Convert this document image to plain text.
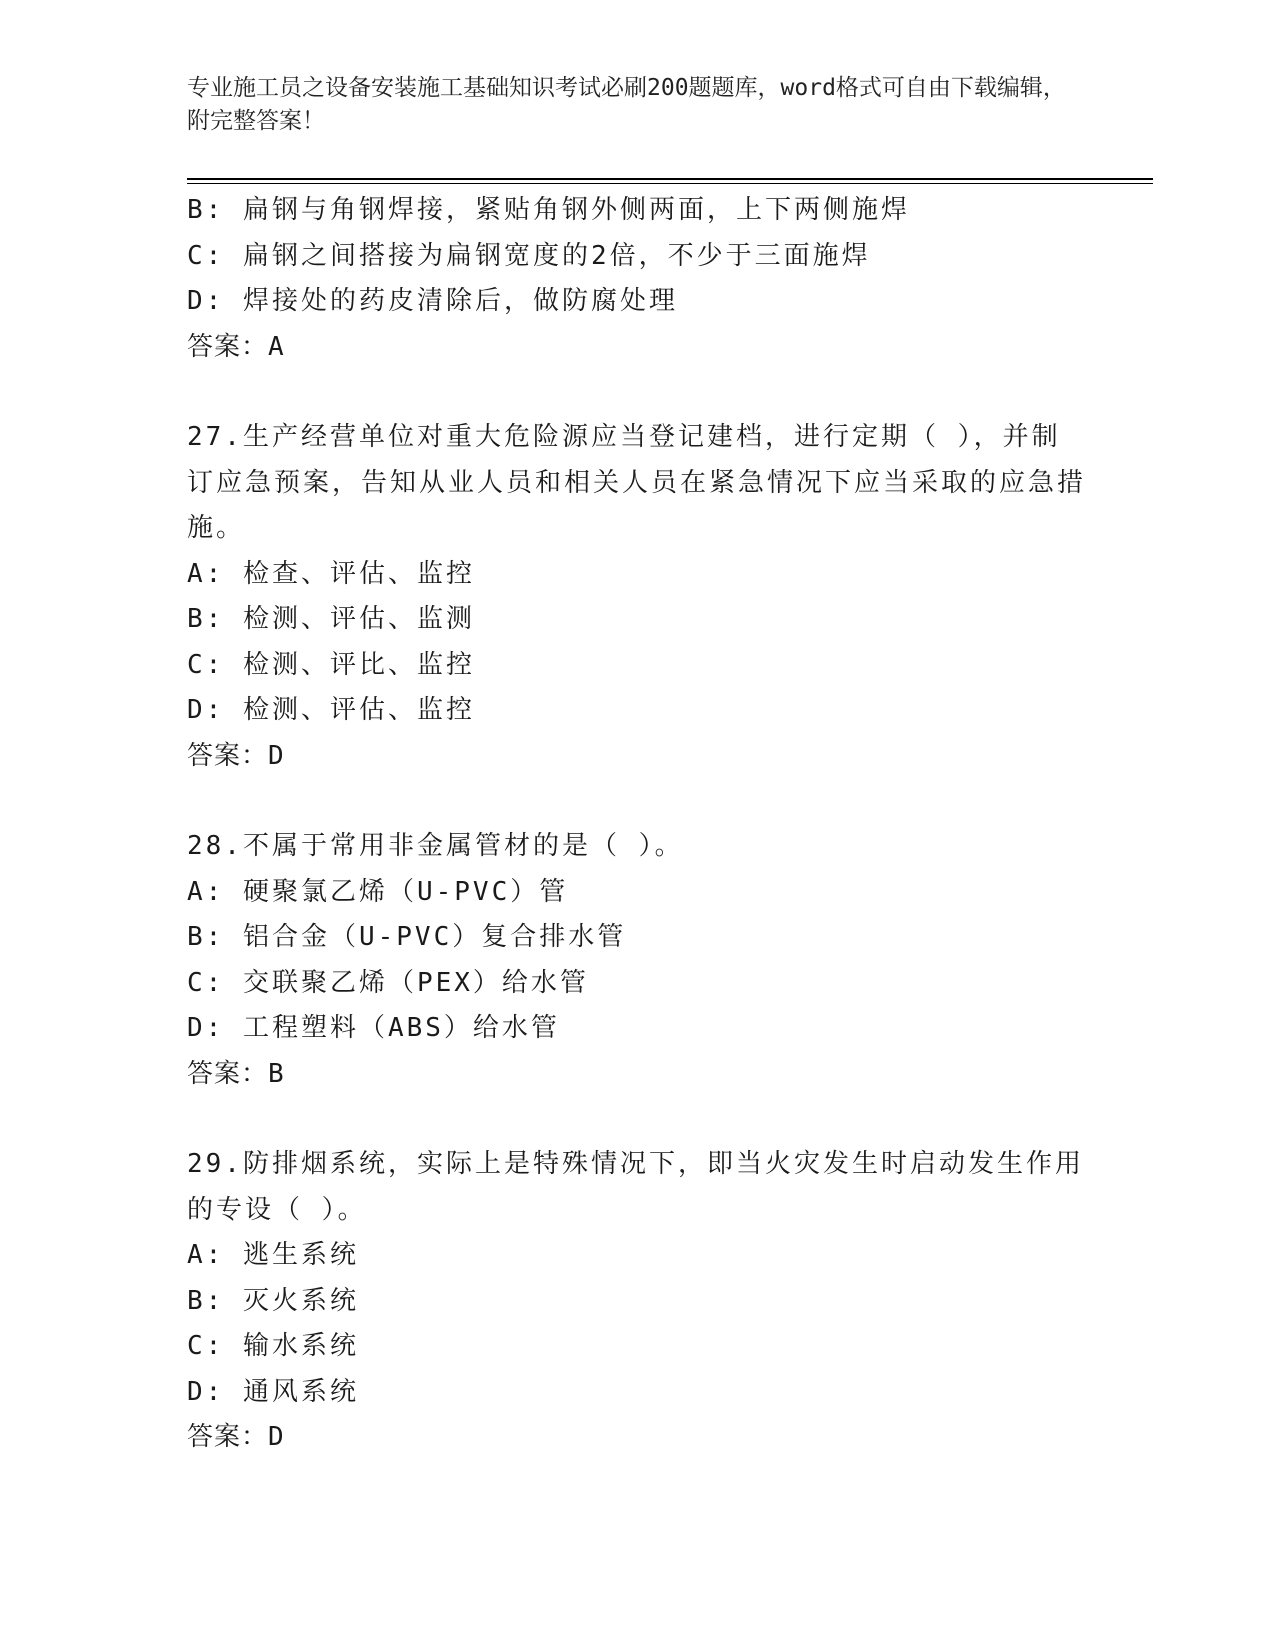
专业施工员之设备安装施工基础知识考试必刷200题题库，word格式可自由下载编辑，附完整答案！
B: 扁钢与角钢焊接，紧贴角钢外侧两面，上下两侧施焊
C: 扁钢之间搭接为扁钢宽度的2倍，不少于三面施焊
D: 焊接处的药皮清除后，做防腐处理
答案：A
27.生产经营单位对重大危险源应当登记建档，进行定期（ ），并制订应急预案，告知从业人员和相关人员在紧急情况下应当采取的应急措施。
A: 检查、评估、监控
B: 检测、评估、监测
C: 检测、评比、监控
D: 检测、评估、监控
答案：D
28.不属于常用非金属管材的是（ ）。
A: 硬聚氯乙烯（U-PVC）管
B: 铝合金（U-PVC）复合排水管
C: 交联聚乙烯（PEX）给水管
D: 工程塑料（ABS）给水管
答案：B
29.防排烟系统，实际上是特殊情况下，即当火灾发生时启动发生作用的专设（ ）。
A: 逃生系统
B: 灭火系统
C: 输水系统
D: 通风系统
答案：D
